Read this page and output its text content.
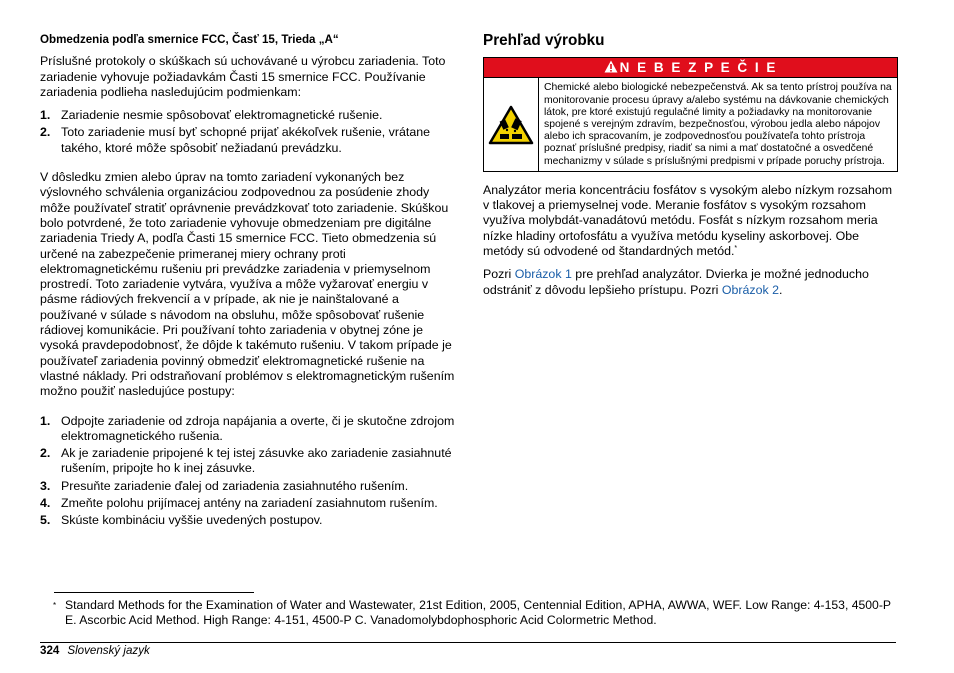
Obmedzenia podľa smernice FCC, Časť 15, Trieda „A“

Príslušné protokoly o skúškach sú uchovávané u výrobcu zariadenia. Toto zariadenie vyhovuje požiadavkám Časti 15 smernice FCC. Používanie zariadenia podlieha nasledujúcim podmienkam:

1. Zariadenie nesmie spôsobovať elektromagnetické rušenie.
2. Toto zariadenie musí byť schopné prijať akékoľvek rušenie, vrátane takého, ktoré môže spôsobiť nežiadanú prevádzku.

V dôsledku zmien alebo úprav na tomto zariadení vykonaných bez výslovného schválenia organizáciou zodpovednou za posúdenie zhody môže používateľ stratiť oprávnenie prevádzkovať toto zariadenie. Skúškou bolo potvrdené, že toto zariadenie vyhovuje obmedzeniam pre digitálne zariadenia Triedy A, podľa Časti 15 smernice FCC. Tieto obmedzenia sú určené na zabezpečenie primeranej miery ochrany proti elektromagnetickému rušeniu pri prevádzke zariadenia v priemyselnom prostredí. Toto zariadenie vytvára, využíva a môže vyžarovať energiu v pásme rádiových frekvencií a v prípade, ak nie je nainštalované a používané v súlade s návodom na obsluhu, môže spôsobovať rušenie rádiovej komunikácie. Pri používaní tohto zariadenia v obytnej zóne je vysoká pravdepodobnosť, že dôjde k takémuto rušeniu. V takom prípade je používateľ zariadenia povinný obmedziť elektromagnetické rušenie na vlastné náklady. Pri odstraňovaní problémov s elektromagnetickým rušením možno použiť nasledujúce postupy:

1. Odpojte zariadenie od zdroja napájania a overte, či je skutočne zdrojom elektromagnetického rušenia.
2. Ak je zariadenie pripojené k tej istej zásuvke ako zariadenie zasiahnuté rušením, pripojte ho k inej zásuvke.
3. Presuňte zariadenie ďalej od zariadenia zasiahnutého rušením.
4. Zmeňte polohu prijímacej antény na zariadení zasiahnutom rušením.
5. Skúste kombináciu vyššie uvedených postupov.
Prehľad výrobku
N E B E Z P E Č I E
Chemické alebo biologické nebezpečenstvá. Ak sa tento prístroj používa na monitorovanie procesu úpravy a/alebo systému na dávkovanie chemických látok, pre ktoré existujú regulačné limity a požiadavky na monitorovanie spojené s verejným zdravím, bezpečnosťou, výrobou jedla alebo nápojov alebo ich spracovaním, je zodpovednosťou používateľa tohto prístroja poznať príslušné predpisy, riadiť sa nimi a mať dostatočné a osvedčené mechanizmy v súlade s príslušnými predpismi v prípade poruchy prístroja.

Analyzátor meria koncentráciu fosfátov s vysokým alebo nízkym rozsahom v tlakovej a priemyselnej vode. Meranie fosfátov s vysokým rozsahom využíva molybdát-vanadátovú metódu. Fosfát s nízkym rozsahom meria nízke hladiny ortofosfátu a využíva metódu kyseliny askorbovej. Obe metódy sú odvodené od štandardných metód.*

Pozri Obrázok 1 pre prehľad analyzátor. Dvierka je možné jednoducho odstrániť z dôvodu lepšieho prístupu. Pozri Obrázok 2.

* Standard Methods for the Examination of Water and Wastewater, 21st Edition, 2005, Centennial Edition, APHA, AWWA, WEF. Low Range: 4-153, 4500-P E. Ascorbic Acid Method. High Range: 4-151, 4500-P C. Vanadomolybdophosphoric Acid Colormetric Method.
324 Slovenský jazyk
